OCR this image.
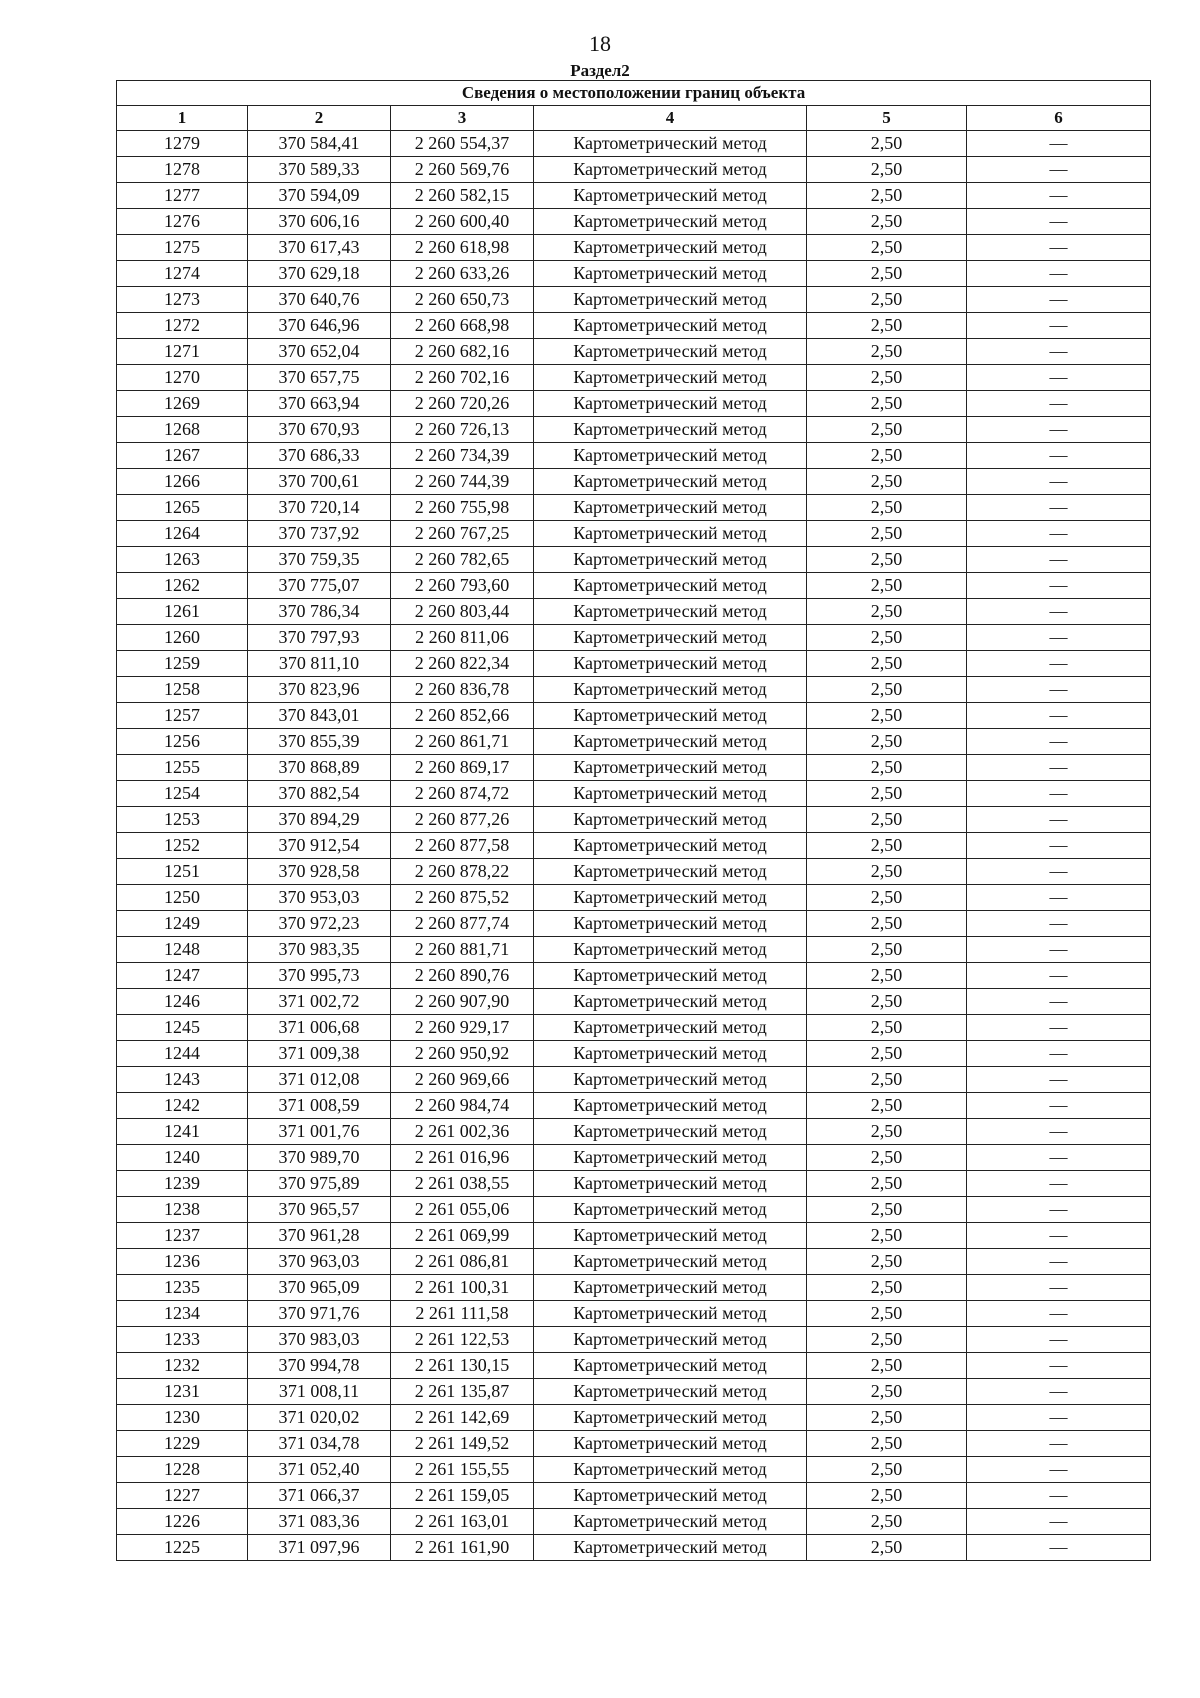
18
Раздел2
Сведения о местоположении границ объекта					
1	2	3	4	5	6
1279	370 584,41	2 260 554,37	Картометрический метод	2,50	—
1278	370 589,33	2 260 569,76	Картометрический метод	2,50	—
1277	370 594,09	2 260 582,15	Картометрический метод	2,50	—
1276	370 606,16	2 260 600,40	Картометрический метод	2,50	—
1275	370 617,43	2 260 618,98	Картометрический метод	2,50	—
1274	370 629,18	2 260 633,26	Картометрический метод	2,50	—
1273	370 640,76	2 260 650,73	Картометрический метод	2,50	—
1272	370 646,96	2 260 668,98	Картометрический метод	2,50	—
1271	370 652,04	2 260 682,16	Картометрический метод	2,50	—
1270	370 657,75	2 260 702,16	Картометрический метод	2,50	—
1269	370 663,94	2 260 720,26	Картометрический метод	2,50	—
1268	370 670,93	2 260 726,13	Картометрический метод	2,50	—
1267	370 686,33	2 260 734,39	Картометрический метод	2,50	—
1266	370 700,61	2 260 744,39	Картометрический метод	2,50	—
1265	370 720,14	2 260 755,98	Картометрический метод	2,50	—
1264	370 737,92	2 260 767,25	Картометрический метод	2,50	—
1263	370 759,35	2 260 782,65	Картометрический метод	2,50	—
1262	370 775,07	2 260 793,60	Картометрический метод	2,50	—
1261	370 786,34	2 260 803,44	Картометрический метод	2,50	—
1260	370 797,93	2 260 811,06	Картометрический метод	2,50	—
1259	370 811,10	2 260 822,34	Картометрический метод	2,50	—
1258	370 823,96	2 260 836,78	Картометрический метод	2,50	—
1257	370 843,01	2 260 852,66	Картометрический метод	2,50	—
1256	370 855,39	2 260 861,71	Картометрический метод	2,50	—
1255	370 868,89	2 260 869,17	Картометрический метод	2,50	—
1254	370 882,54	2 260 874,72	Картометрический метод	2,50	—
1253	370 894,29	2 260 877,26	Картометрический метод	2,50	—
1252	370 912,54	2 260 877,58	Картометрический метод	2,50	—
1251	370 928,58	2 260 878,22	Картометрический метод	2,50	—
1250	370 953,03	2 260 875,52	Картометрический метод	2,50	—
1249	370 972,23	2 260 877,74	Картометрический метод	2,50	—
1248	370 983,35	2 260 881,71	Картометрический метод	2,50	—
1247	370 995,73	2 260 890,76	Картометрический метод	2,50	—
1246	371 002,72	2 260 907,90	Картометрический метод	2,50	—
1245	371 006,68	2 260 929,17	Картометрический метод	2,50	—
1244	371 009,38	2 260 950,92	Картометрический метод	2,50	—
1243	371 012,08	2 260 969,66	Картометрический метод	2,50	—
1242	371 008,59	2 260 984,74	Картометрический метод	2,50	—
1241	371 001,76	2 261 002,36	Картометрический метод	2,50	—
1240	370 989,70	2 261 016,96	Картометрический метод	2,50	—
1239	370 975,89	2 261 038,55	Картометрический метод	2,50	—
1238	370 965,57	2 261 055,06	Картометрический метод	2,50	—
1237	370 961,28	2 261 069,99	Картометрический метод	2,50	—
1236	370 963,03	2 261 086,81	Картометрический метод	2,50	—
1235	370 965,09	2 261 100,31	Картометрический метод	2,50	—
1234	370 971,76	2 261 111,58	Картометрический метод	2,50	—
1233	370 983,03	2 261 122,53	Картометрический метод	2,50	—
1232	370 994,78	2 261 130,15	Картометрический метод	2,50	—
1231	371 008,11	2 261 135,87	Картометрический метод	2,50	—
1230	371 020,02	2 261 142,69	Картометрический метод	2,50	—
1229	371 034,78	2 261 149,52	Картометрический метод	2,50	—
1228	371 052,40	2 261 155,55	Картометрический метод	2,50	—
1227	371 066,37	2 261 159,05	Картометрический метод	2,50	—
1226	371 083,36	2 261 163,01	Картометрический метод	2,50	—
1225	371 097,96	2 261 161,90	Картометрический метод	2,50	—
